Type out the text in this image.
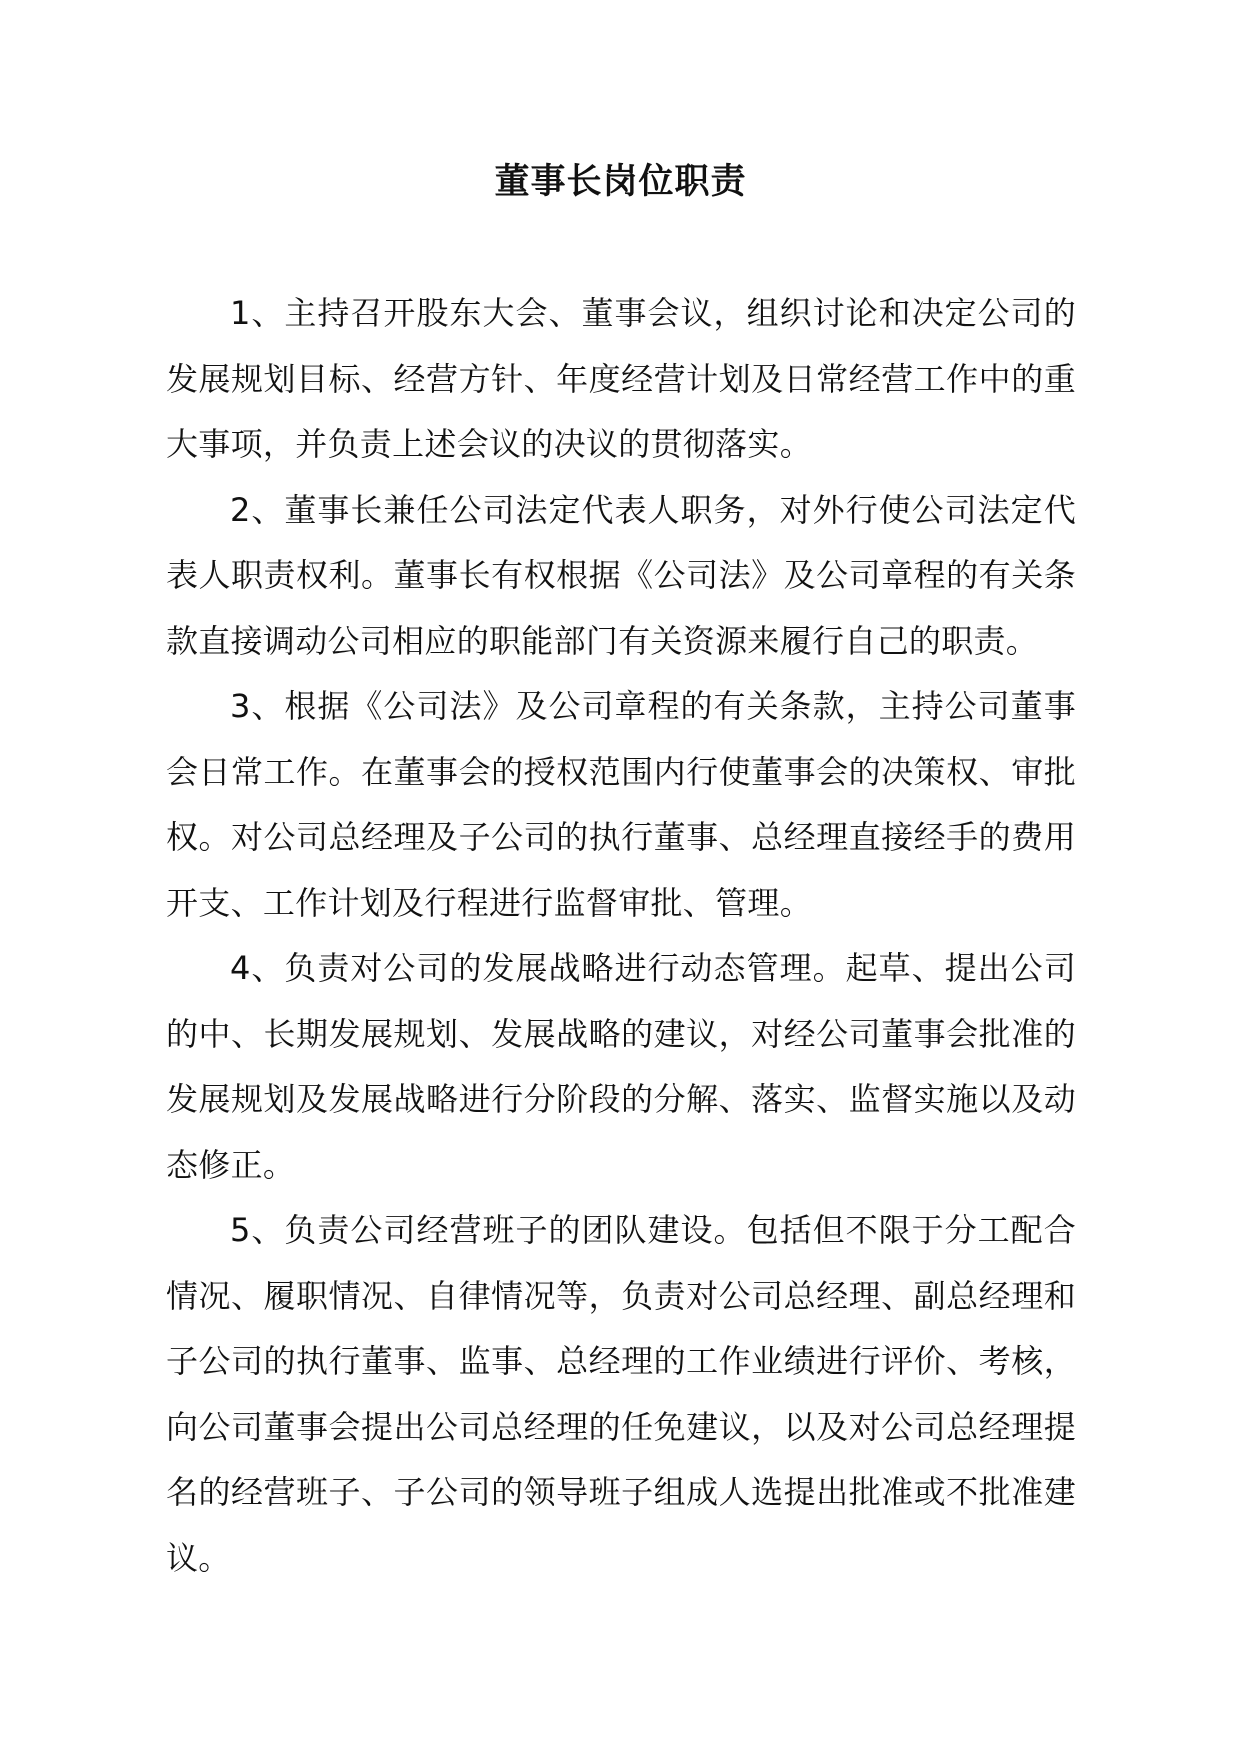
董事长岗位职责

1、主持召开股东大会、董事会议，组织讨论和决定公司的发展规划目标、经营方针、年度经营计划及日常经营工作中的重大事项，并负责上述会议的决议的贯彻落实。

2、董事长兼任公司法定代表人职务，对外行使公司法定代表人职责权利。董事长有权根据《公司法》及公司章程的有关条款直接调动公司相应的职能部门有关资源来履行自己的职责。

3、根据《公司法》及公司章程的有关条款，主持公司董事会日常工作。在董事会的授权范围内行使董事会的决策权、审批权。对公司总经理及子公司的执行董事、总经理直接经手的费用开支、工作计划及行程进行监督审批、管理。

4、负责对公司的发展战略进行动态管理。起草、提出公司的中、长期发展规划、发展战略的建议，对经公司董事会批准的发展规划及发展战略进行分阶段的分解、落实、监督实施以及动态修正。

5、负责公司经营班子的团队建设。包括但不限于分工配合情况、履职情况、自律情况等，负责对公司总经理、副总经理和子公司的执行董事、监事、总经理的工作业绩进行评价、考核，向公司董事会提出公司总经理的任免建议，以及对公司总经理提名的经营班子、子公司的领导班子组成人选提出批准或不批准建议。
